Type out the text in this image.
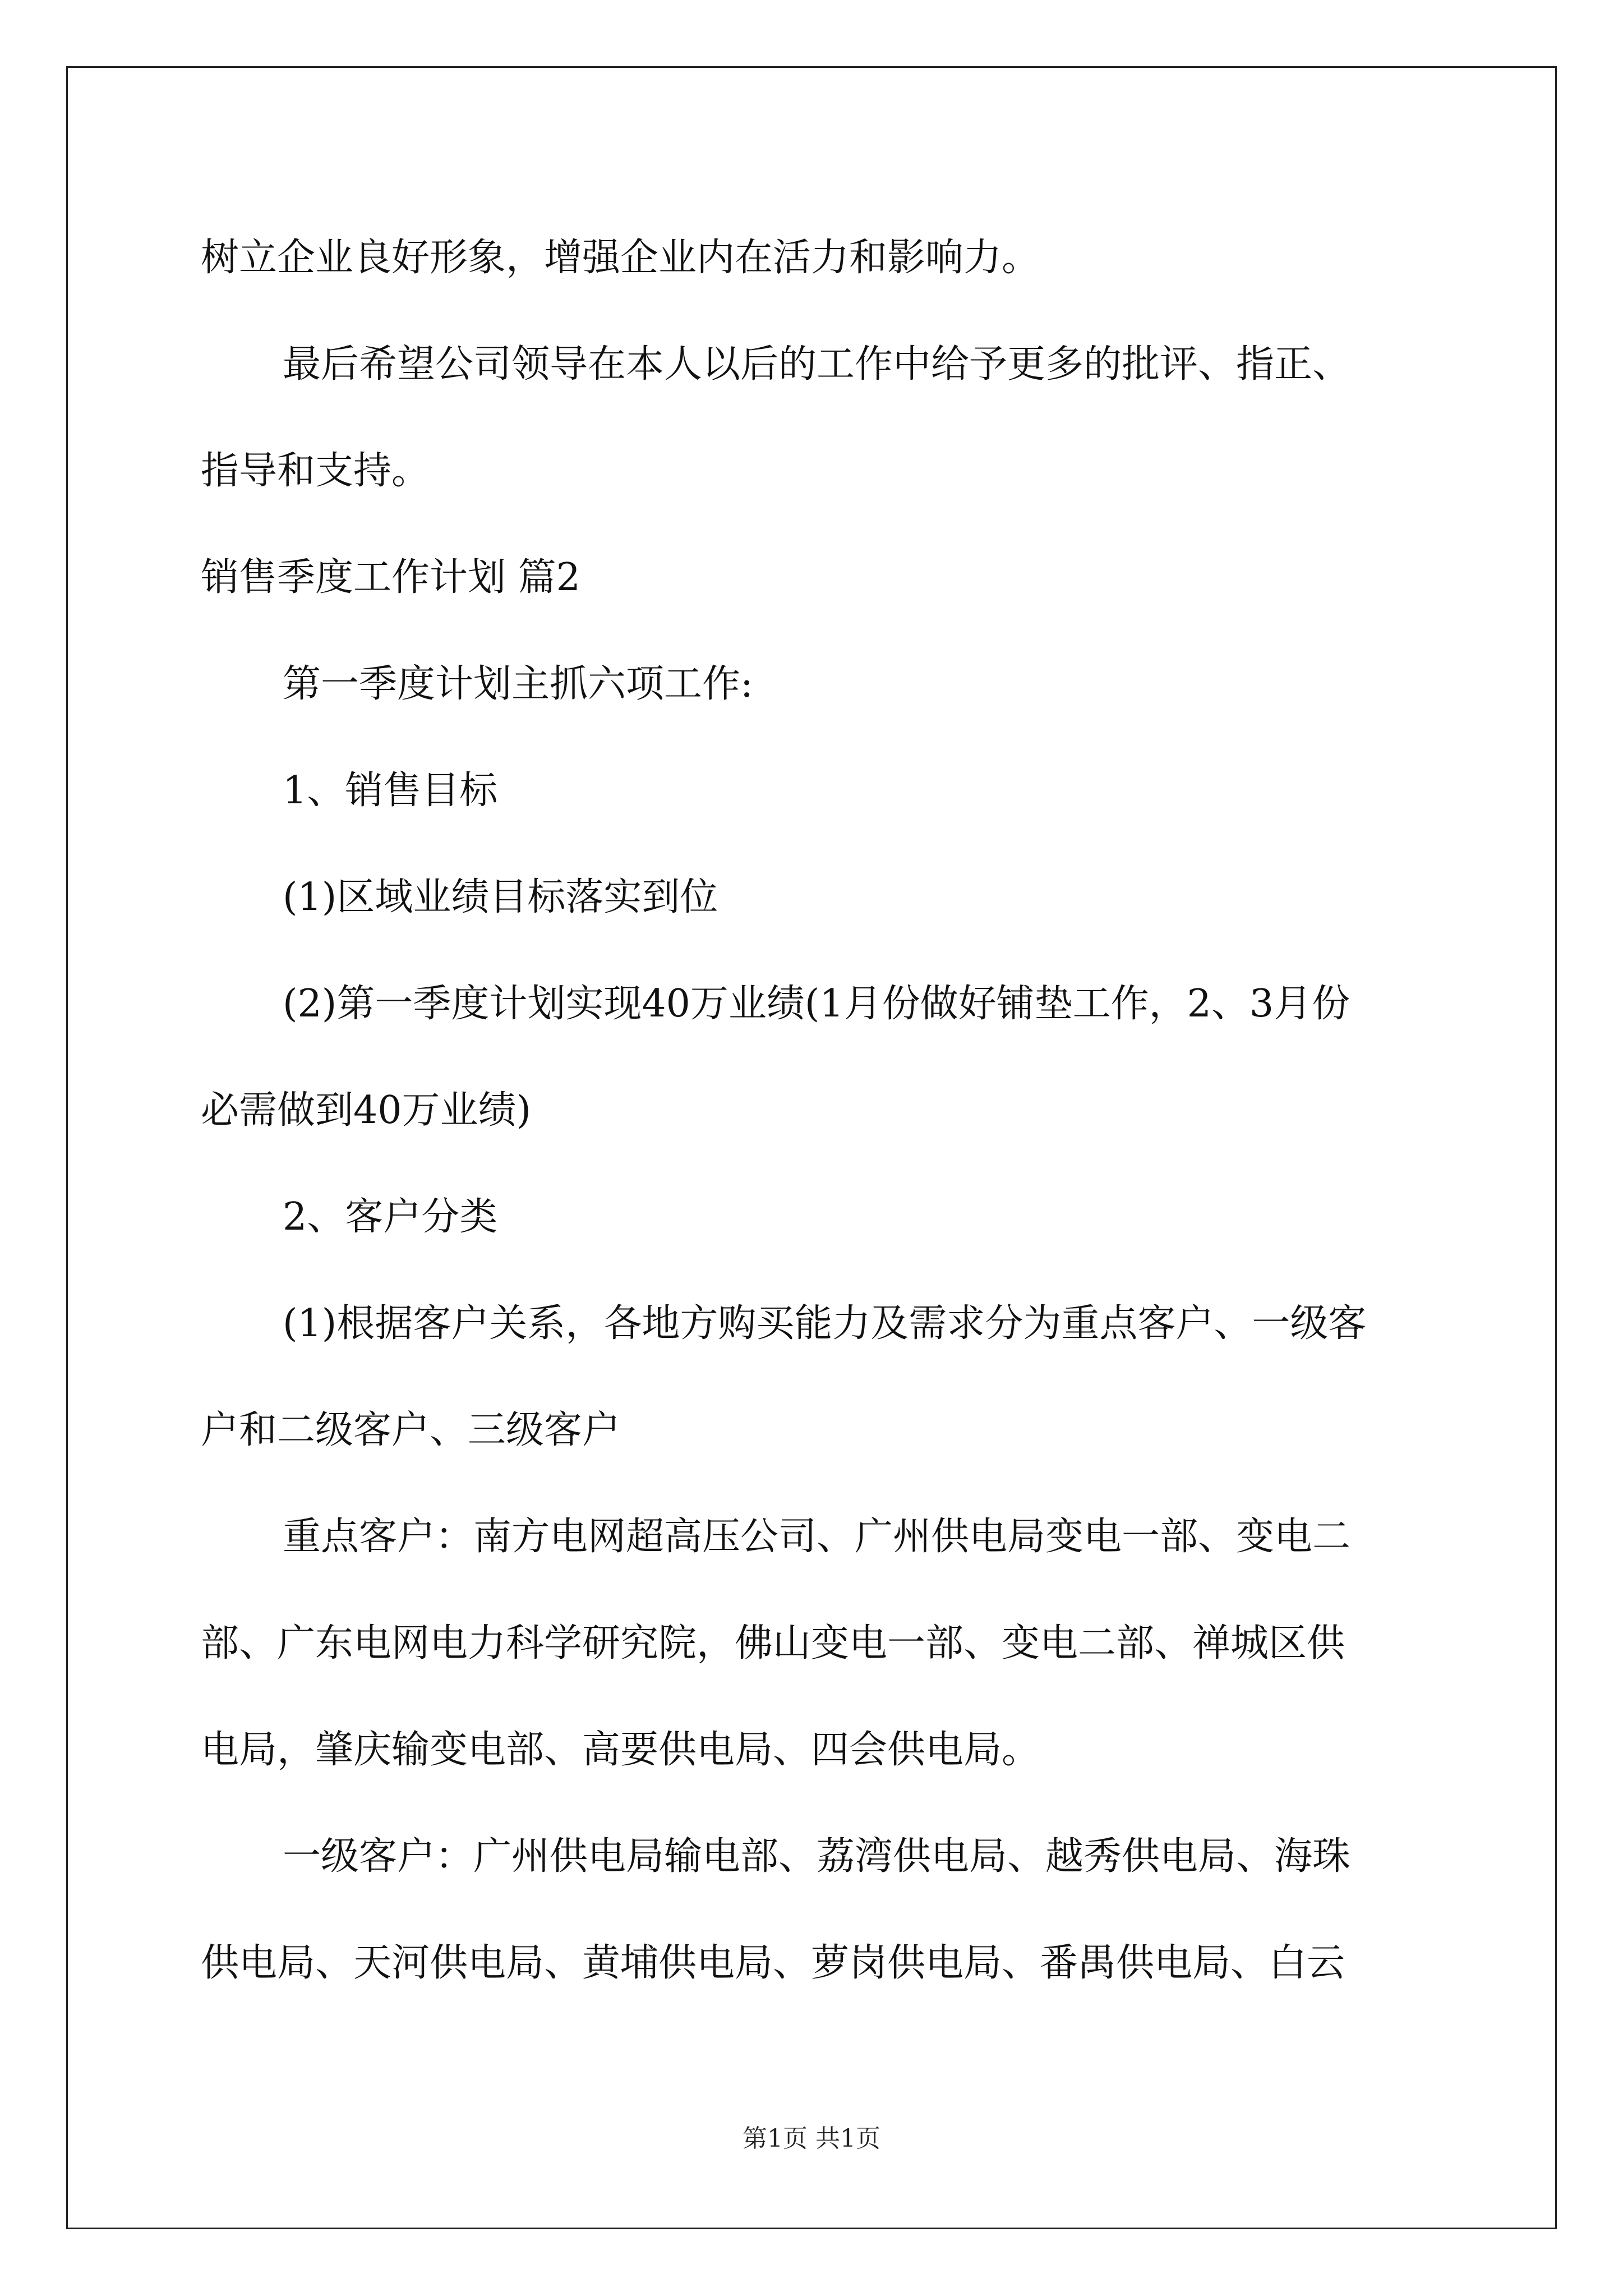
树立企业良好形象，增强企业内在活力和影响力。

最后希望公司领导在本人以后的工作中给予更多的批评、指正、

指导和支持。

销售季度工作计划 篇2

第一季度计划主抓六项工作:

1、销售目标

(1)区域业绩目标落实到位

(2)第一季度计划实现40万业绩(1月份做好铺垫工作，2、3月份

必需做到40万业绩)

2、客户分类

(1)根据客户关系，各地方购买能力及需求分为重点客户、一级客

户和二级客户、三级客户

重点客户：南方电网超高压公司、广州供电局变电一部、变电二

部、广东电网电力科学研究院，佛山变电一部、变电二部、禅城区供

电局，肇庆输变电部、高要供电局、四会供电局。

一级客户：广州供电局输电部、荔湾供电局、越秀供电局、海珠

供电局、天河供电局、黄埔供电局、萝岗供电局、番禺供电局、白云

第1页 共1页
